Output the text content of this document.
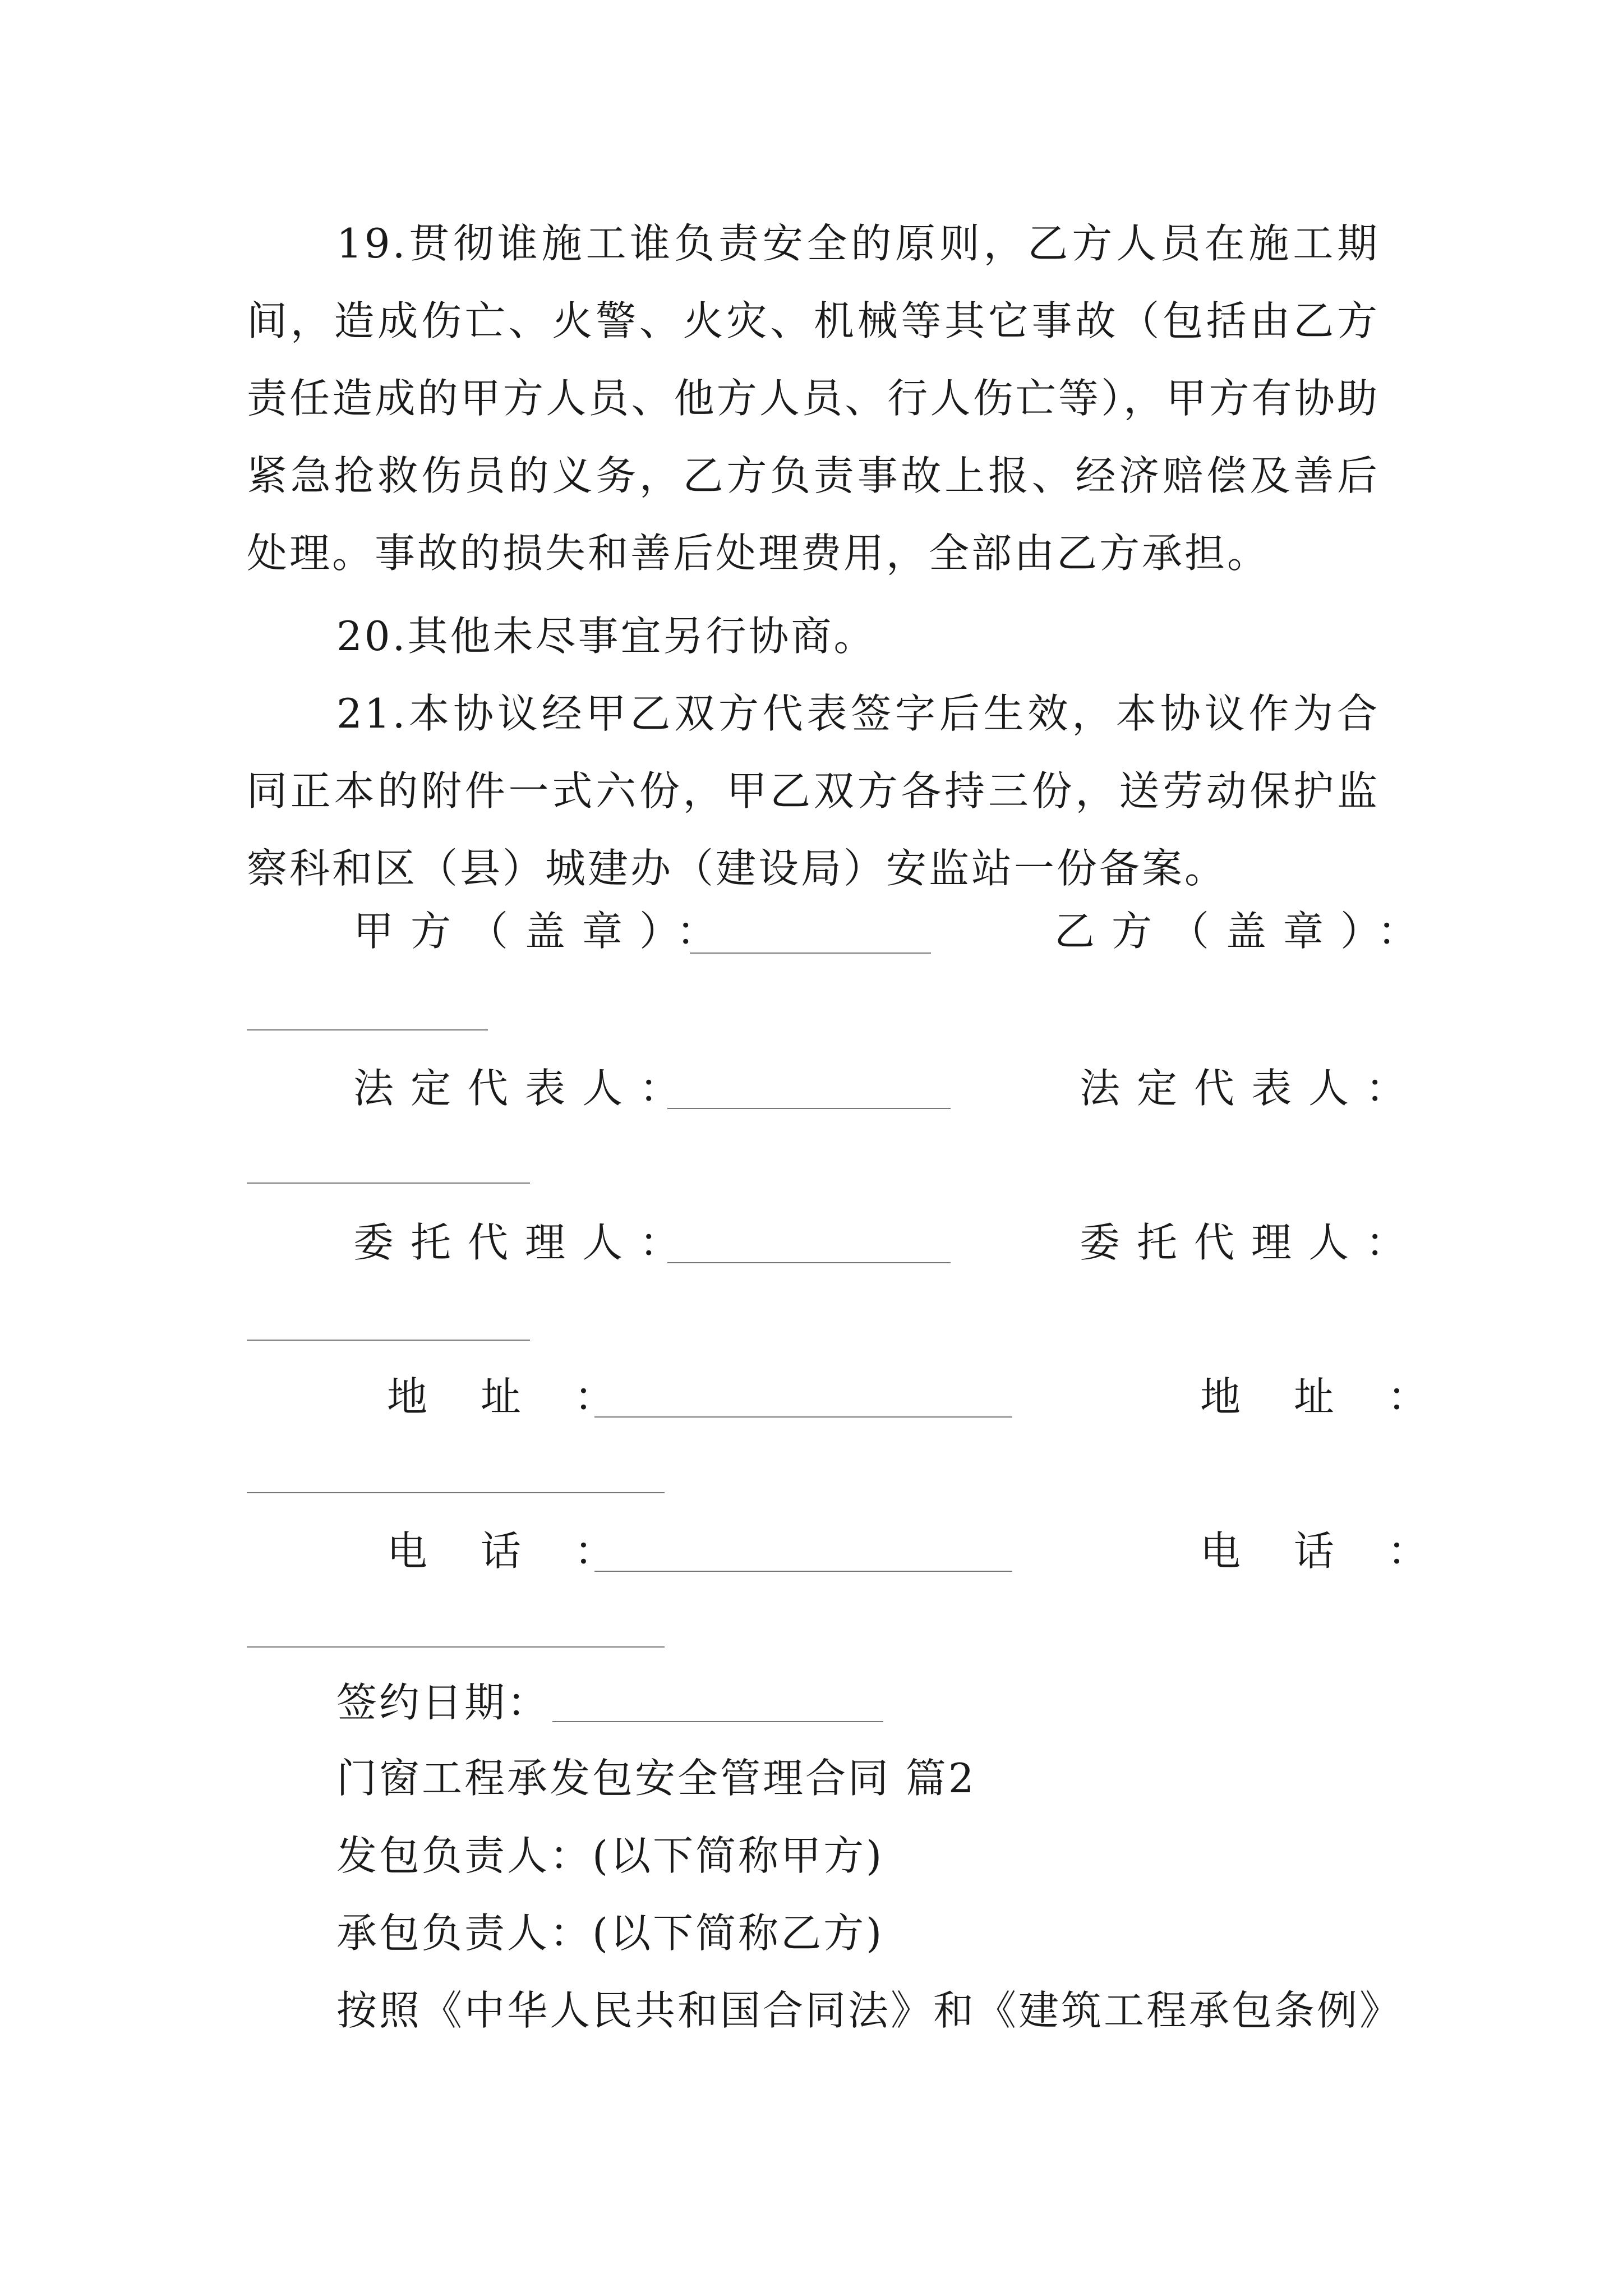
19.贯彻谁施工谁负责安全的原则，乙方人员在施工期间，造成伤亡、火警、火灾、机械等其它事故（包括由乙方责任造成的甲方人员、他方人员、行人伤亡等），甲方有协助紧急抢救伤员的义务，乙方负责事故上报、经济赔偿及善后处理。事故的损失和善后处理费用，全部由乙方承担。

20.其他未尽事宜另行协商。

21.本协议经甲乙双方代表签字后生效，本协议作为合同正本的附件一式六份，甲乙双方各持三份，送劳动保护监察科和区（县）城建办（建设局）安监站一份备案。

甲方（盖章）：	乙方（盖章）：
法定代表人：	法定代表人：
委托代理人：	委托代理人：
地 址 ：	地 址 ：
电 话 ：	电 话 ：
签约日期：
门窗工程承发包安全管理合同 篇2
发包负责人：(以下简称甲方)
承包负责人：(以下简称乙方)
按照《中华人民共和国合同法》和《建筑工程承包条例》
